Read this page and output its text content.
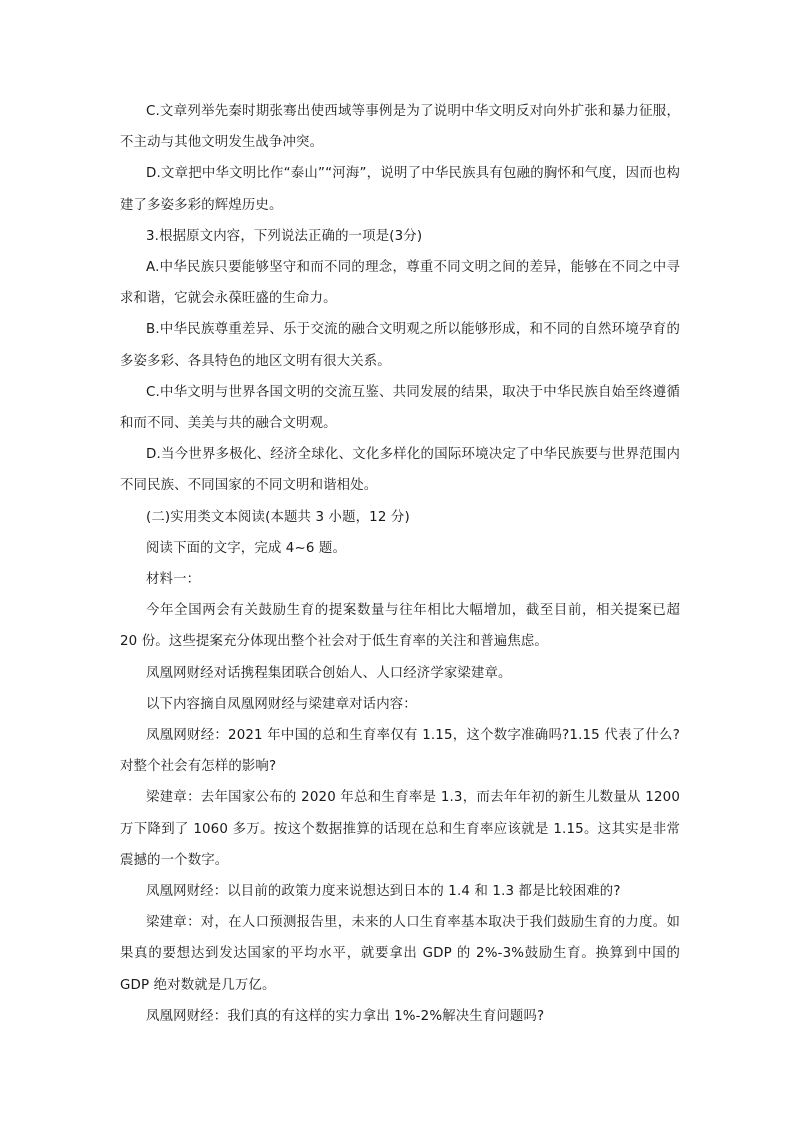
C.文章列举先秦时期张骞出使西域等事例是为了说明中华文明反对向外扩张和暴力征服，不主动与其他文明发生战争冲突。

D.文章把中华文明比作“泰山”“河海”，说明了中华民族具有包融的胸怀和气度，因而也构建了多姿多彩的辉煌历史。

3.根据原文内容，下列说法正确的一项是(3分)

A.中华民族只要能够坚守和而不同的理念，尊重不同文明之间的差异，能够在不同之中寻求和谐，它就会永葆旺盛的生命力。

B.中华民族尊重差异、乐于交流的融合文明观之所以能够形成，和不同的自然环境孕育的多姿多彩、各具特色的地区文明有很大关系。

C.中华文明与世界各国文明的交流互鉴、共同发展的结果，取决于中华民族自始至终遵循和而不同、美美与共的融合文明观。

D.当今世界多极化、经济全球化、文化多样化的国际环境决定了中华民族要与世界范围内不同民族、不同国家的不同文明和谐相处。

(二)实用类文本阅读(本题共 3 小题，12 分)

阅读下面的文字，完成 4~6 题。

材料一：

今年全国两会有关鼓励生育的提案数量与往年相比大幅增加，截至目前，相关提案已超 20 份。这些提案充分体现出整个社会对于低生育率的关注和普遍焦虑。

凤凰网财经对话携程集团联合创始人、人口经济学家梁建章。

以下内容摘自凤凰网财经与梁建章对话内容：

凤凰网财经：2021 年中国的总和生育率仅有 1.15，这个数字准确吗?1.15 代表了什么?对整个社会有怎样的影响?

梁建章：去年国家公布的 2020 年总和生育率是 1.3，而去年年初的新生儿数量从 1200 万下降到了 1060 多万。按这个数据推算的话现在总和生育率应该就是 1.15。这其实是非常震撼的一个数字。

凤凰网财经：以目前的政策力度来说想达到日本的 1.4 和 1.3 都是比较困难的?

梁建章：对，在人口预测报告里，未来的人口生育率基本取决于我们鼓励生育的力度。如果真的要想达到发达国家的平均水平，就要拿出 GDP 的 2%-3%鼓励生育。换算到中国的 GDP 绝对数就是几万亿。

凤凰网财经：我们真的有这样的实力拿出 1%-2%解决生育问题吗?
